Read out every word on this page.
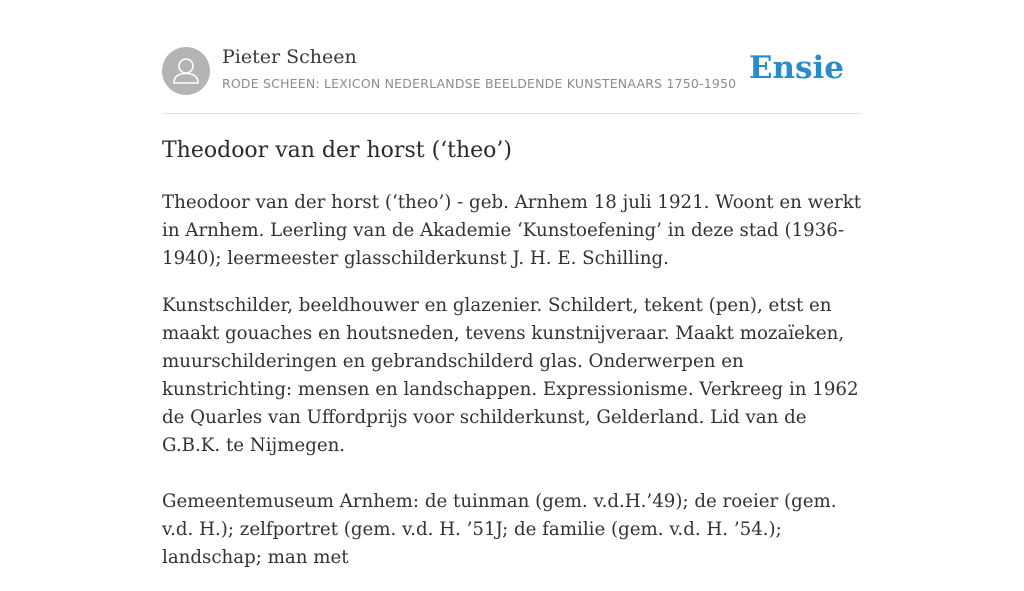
Pieter Scheen
RODE SCHEEN: LEXICON NEDERLANDSE BEELDENDE KUNSTENAARS 1750-1950 Ensie
Theodoor van der horst (‘theo’)

Theodoor van der horst (‘theo’) - geb. Arnhem 18 juli 1921. Woont en werkt in Arnhem. Leerling van de Akademie ‘Kunstoefening’ in deze stad (1936-1940); leermeester glasschilderkunst J. H. E. Schilling.

Kunstschilder, beeldhouwer en glazenier. Schildert, tekent (pen), etst en maakt gouaches en houtsneden, tevens kunstnijveraar. Maakt mozaïeken, muurschilderingen en gebrandschilderd glas. Onderwerpen en kunstrichting: mensen en landschappen. Expressionisme. Verkreeg in 1962 de Quarles van Uffordprijs voor schilderkunst, Gelderland. Lid van de G.B.K. te Nijmegen.

Gemeentemuseum Arnhem: de tuinman (gem. v.d.H.’49); de roeier (gem. v.d. H.); zelfportret (gem. v.d. H. ’51J; de familie (gem. v.d. H. ’54.); landschap; man met
